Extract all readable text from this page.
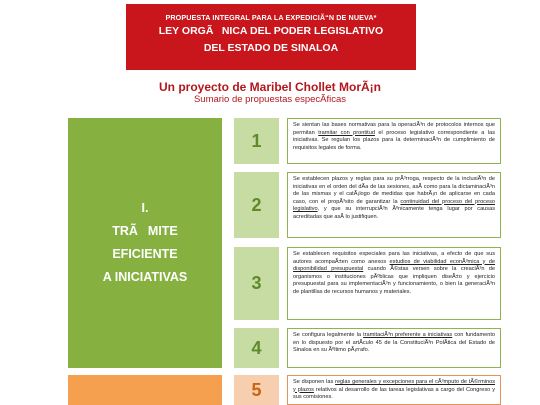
PROPUESTA INTEGRAL PARA LA EXPEDICIÃ“N DE NUEVA*
LEY ORGÃNICA DEL PODER LEGISLATIVO
DEL ESTADO DE SINALOA
Un proyecto de Maribel Chollet MorÃ¡n
Sumario de propuestas especÃficas
I.
TRÃMITE
EFICIENTE
A INICIATIVAS
1
Se sientan las bases normativas para la operaciÃ³n de protocolos internos que permitan tramitar con prontitud el proceso legislativo correspondiente a las iniciativas. Se regulan los plazos para la determinaciÃ³n de cumplimiento de requisitos legales de forma.
2
Se establecen plazos y reglas para su prÃ³rroga, respecto de la inclusiÃ³n de iniciativas en el orden del dÃa de las sesiones, asÃ como para la dictaminaciÃ³n de las mismas y el catÃ¡logo de medidas que habrÃ¡n de aplicarse en cada caso, con el propÃ³sito de garantizar la continuidad del proceso del proceso legislativo, y que su interrupciÃ³n Ãºnicamente tenga lugar por causas acreditadas que asÃ lo justifiquen.
3
Se establecen requisitos especiales para las iniciativas, a efecto de que sus autores acompaÃ±en como anexos estudios de viabilidad econÃ³mica y de disponibilidad presupuestal cuando Ã©stas versen sobre la creaciÃ³n de organismos o instituciones pÃºblicas que impliquen diseÃ±o y ejercicio presupuestal para su implementaciÃ³n y funcionamiento, o bien la generaciÃ³n de plantillas de recursos humanos y materiales.
4
Se configura legalmente la tramitaciÃ³n preferente a iniciativas con fundamento en lo dispuesto por el artÃculo 45 de la ConstituciÃ³n PolÃtica del Estado de Sinaloa en su Ãºltimo pÃ¡rrafo.
5	Se disponen las reglas generales y excepciones para el cÃ³mputo de tÃ©rminos y plazos relativos al desarrollo de las tareas legislativas a cargo del Congreso y sus comisiones.
